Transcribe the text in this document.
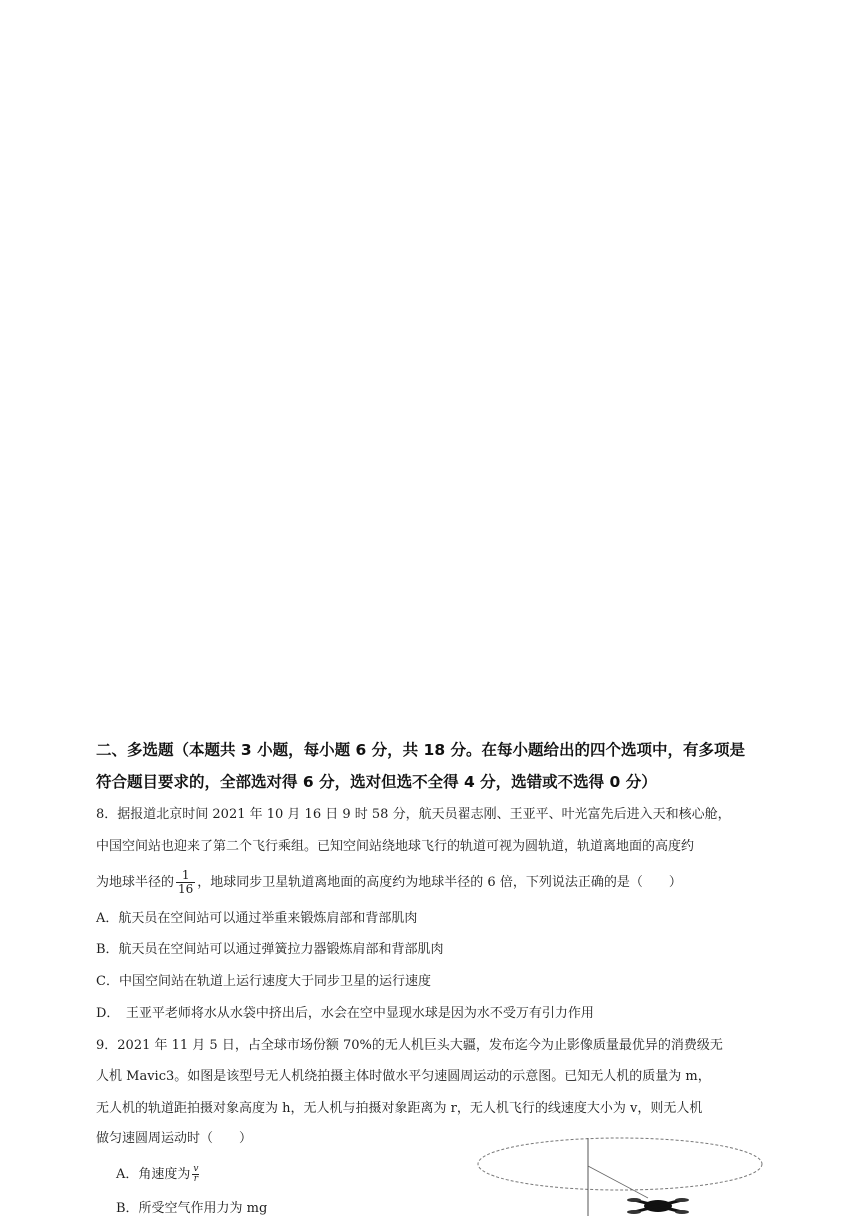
二、多选题（本题共 3 小题，每小题 6 分，共 18 分。在每小题给出的四个选项中，有多项是
符合题目要求的，全部选对得 6 分，选对但选不全得 4 分，选错或不选得 0 分）
8．据报道北京时间 2021 年 10 月 16 日 9 时 58 分，航天员翟志刚、王亚平、叶光富先后进入天和核心舱，
中国空间站也迎来了第二个飞行乘组。已知空间站绕地球飞行的轨道可视为圆轨道，轨道离地面的高度约
为地球半径的 $\frac{1}{16}$ ，地球同步卫星轨道离地面的高度约为地球半径的 6 倍，下列说法正确的是（　　）
A．航天员在空间站可以通过举重来锻炼肩部和背部肌肉
B．航天员在空间站可以通过弹簧拉力器锻炼肩部和背部肌肉
C．中国空间站在轨道上运行速度大于同步卫星的运行速度
D．　王亚平老师将水从水袋中挤出后，水会在空中显现水球是因为水不受万有引力作用
9．2021 年 11 月 5 日，占全球市场份额 70%的无人机巨头大疆，发布迄今为止影像质量最优异的消费级无
人机 Mavic3。如图是该型号无人机绕拍摄主体时做水平匀速圆周运动的示意图。已知无人机的质量为 m，
无人机的轨道距拍摄对象高度为 h，无人机与拍摄对象距离为 r，无人机飞行的线速度大小为 v，则无人机
做匀速圆周运动时（　　）
A．角速度为 $\frac{v}{r}$
B．所受空气作用力为 mg
